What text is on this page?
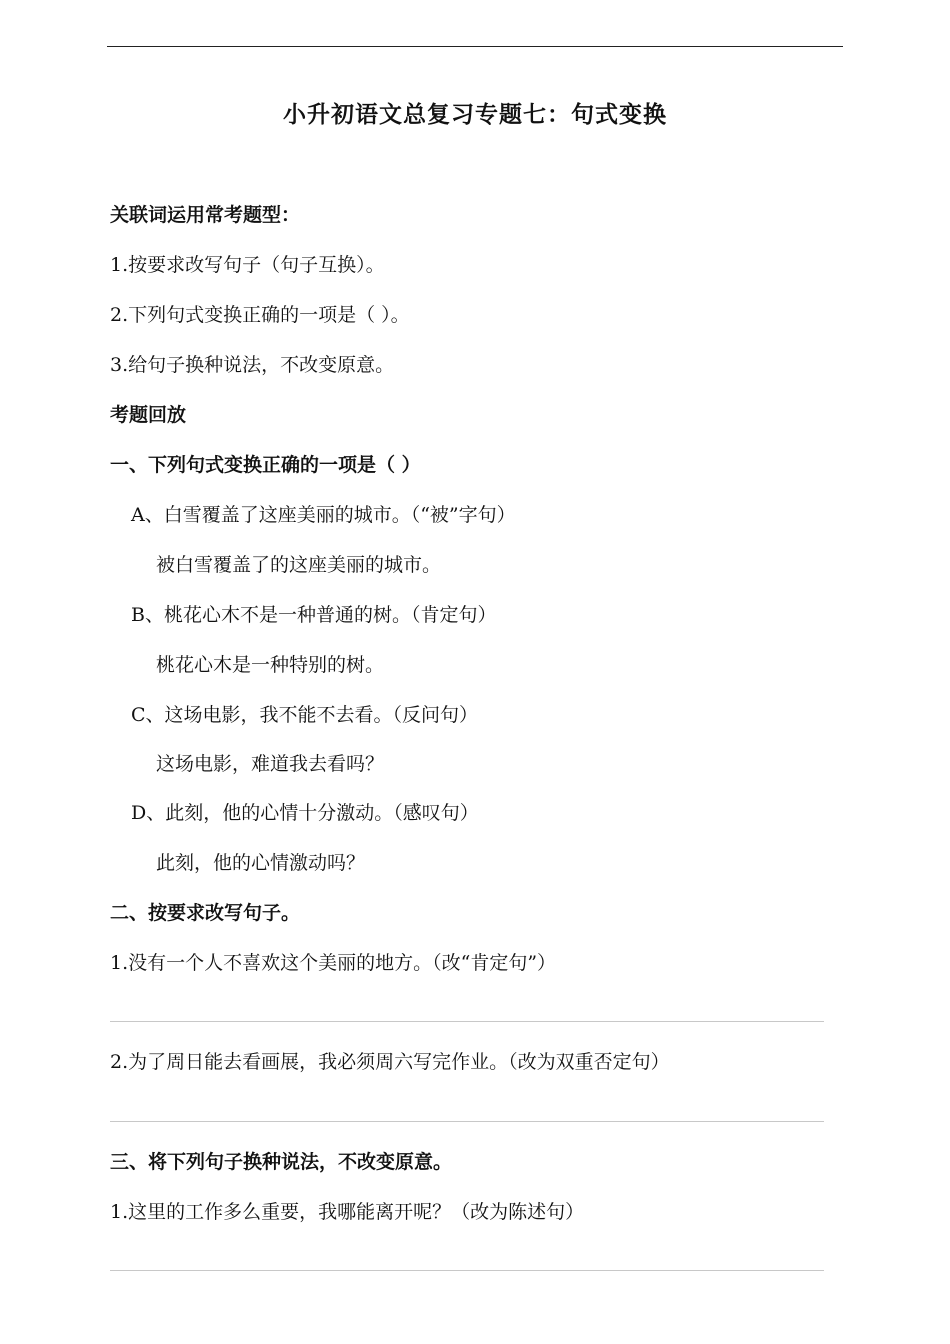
小升初语文总复习专题七：句式变换
关联词运用常考题型：
1.按要求改写句子（句子互换）。
2.下列句式变换正确的一项是（ ）。
3.给句子换种说法，不改变原意。
考题回放
一、下列句式变换正确的一项是（ ）
A、白雪覆盖了这座美丽的城市。（“被”字句）
被白雪覆盖了的这座美丽的城市。
B、桃花心木不是一种普通的树。（肯定句）
桃花心木是一种特别的树。
C、这场电影，我不能不去看。（反问句）
这场电影，难道我去看吗？
D、此刻，他的心情十分激动。（感叹句）
此刻，他的心情激动吗？
二、按要求改写句子。
1.没有一个人不喜欢这个美丽的地方。（改“肯定句”）
2.为了周日能去看画展，我必须周六写完作业。（改为双重否定句）
三、将下列句子换种说法，不改变原意。
1.这里的工作多么重要，我哪能离开呢？（改为陈述句）
